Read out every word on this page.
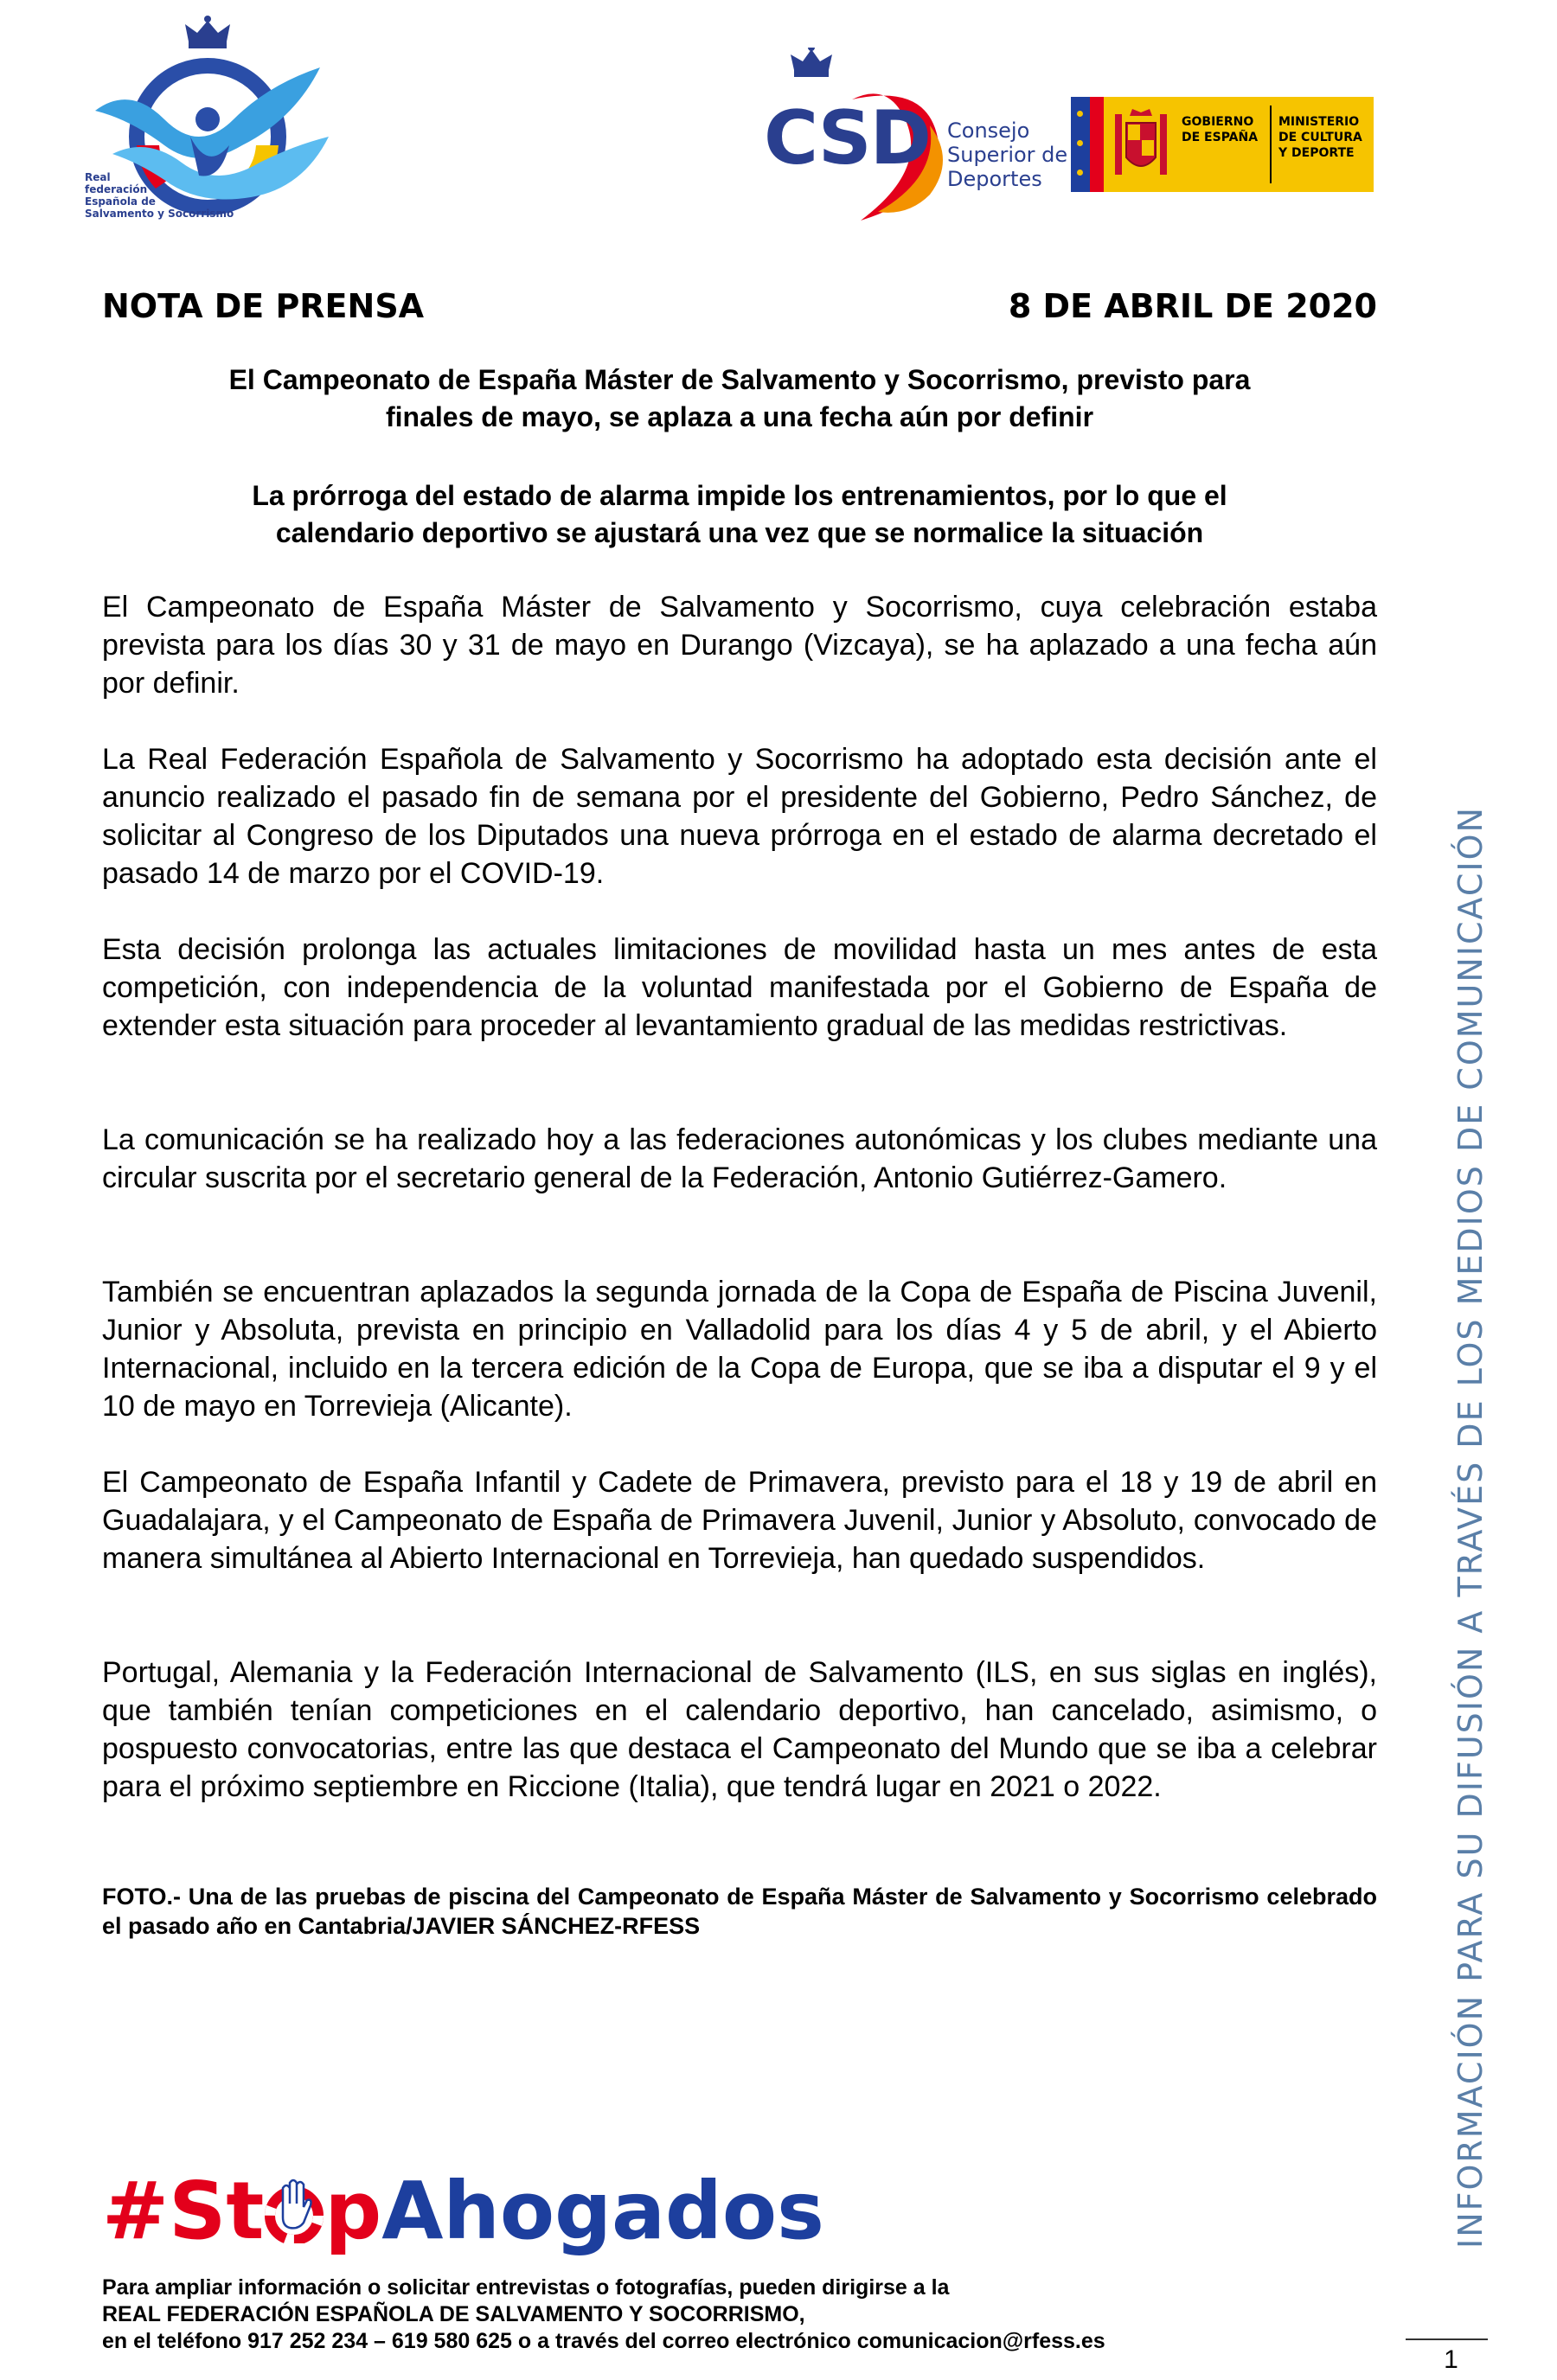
Real
federación
Española de
Salvamento y Socorrismo
CSD Consejo
Superior de
Deportes
GOBIERNO
DE ESPAÑA
MINISTERIO
DE CULTURA
Y DEPORTE
NOTA DE PRENSA	8 DE ABRIL DE 2020
El Campeonato de España Máster de Salvamento y Socorrismo, previsto para
finales de mayo, se aplaza a una fecha aún por definir
La prórroga del estado de alarma impide los entrenamientos, por lo que el
calendario deportivo se ajustará una vez que se normalice la situación
El Campeonato de España Máster de Salvamento y Socorrismo, cuya celebración estaba prevista para los días 30 y 31 de mayo en Durango (Vizcaya), se ha aplazado a una fecha aún por definir.
La Real Federación Española de Salvamento y Socorrismo ha adoptado esta decisión ante el anuncio realizado el pasado fin de semana por el presidente del Gobierno, Pedro Sánchez, de solicitar al Congreso de los Diputados una nueva prórroga en el estado de alarma decretado el pasado 14 de marzo por el COVID-19.
Esta decisión prolonga las actuales limitaciones de movilidad hasta un mes antes de esta competición, con independencia de la voluntad manifestada por el Gobierno de España de extender esta situación para proceder al levantamiento gradual de las medidas restrictivas.
La comunicación se ha realizado hoy a las federaciones autonómicas y los clubes mediante una circular suscrita por el secretario general de la Federación, Antonio Gutiérrez-Gamero.
También se encuentran aplazados la segunda jornada de la Copa de España de Piscina Juvenil, Junior y Absoluta, prevista en principio en Valladolid para los días 4 y 5 de abril, y el Abierto Internacional, incluido en la tercera edición de la Copa de Europa, que se iba a disputar el 9 y el 10 de mayo en Torrevieja (Alicante).
El Campeonato de España Infantil y Cadete de Primavera, previsto para el 18 y 19 de abril en Guadalajara, y el Campeonato de España de Primavera Juvenil, Junior y Absoluto, convocado de manera simultánea al Abierto Internacional en Torrevieja, han quedado suspendidos.
Portugal, Alemania y la Federación Internacional de Salvamento (ILS, en sus siglas en inglés), que también tenían competiciones en el calendario deportivo, han cancelado, asimismo, o pospuesto convocatorias, entre las que destaca el Campeonato del Mundo que se iba a celebrar para el próximo septiembre en Riccione (Italia), que tendrá lugar en 2021 o 2022.
FOTO.- Una de las pruebas de piscina del Campeonato de España Máster de Salvamento y Socorrismo celebrado el pasado año en Cantabria/JAVIER SÁNCHEZ-RFESS
#St pAhogados
Para ampliar información o solicitar entrevistas o fotografías, pueden dirigirse a la
REAL FEDERACIÓN ESPAÑOLA DE SALVAMENTO Y SOCORRISMO,
en el teléfono 917 252 234 – 619 580 625 o a través del correo electrónico comunicacion@rfess.es
INFORMACIÓN PARA SU DIFUSIÓN A TRAVÉS DE LOS MEDIOS DE COMUNICACIÓN
1
